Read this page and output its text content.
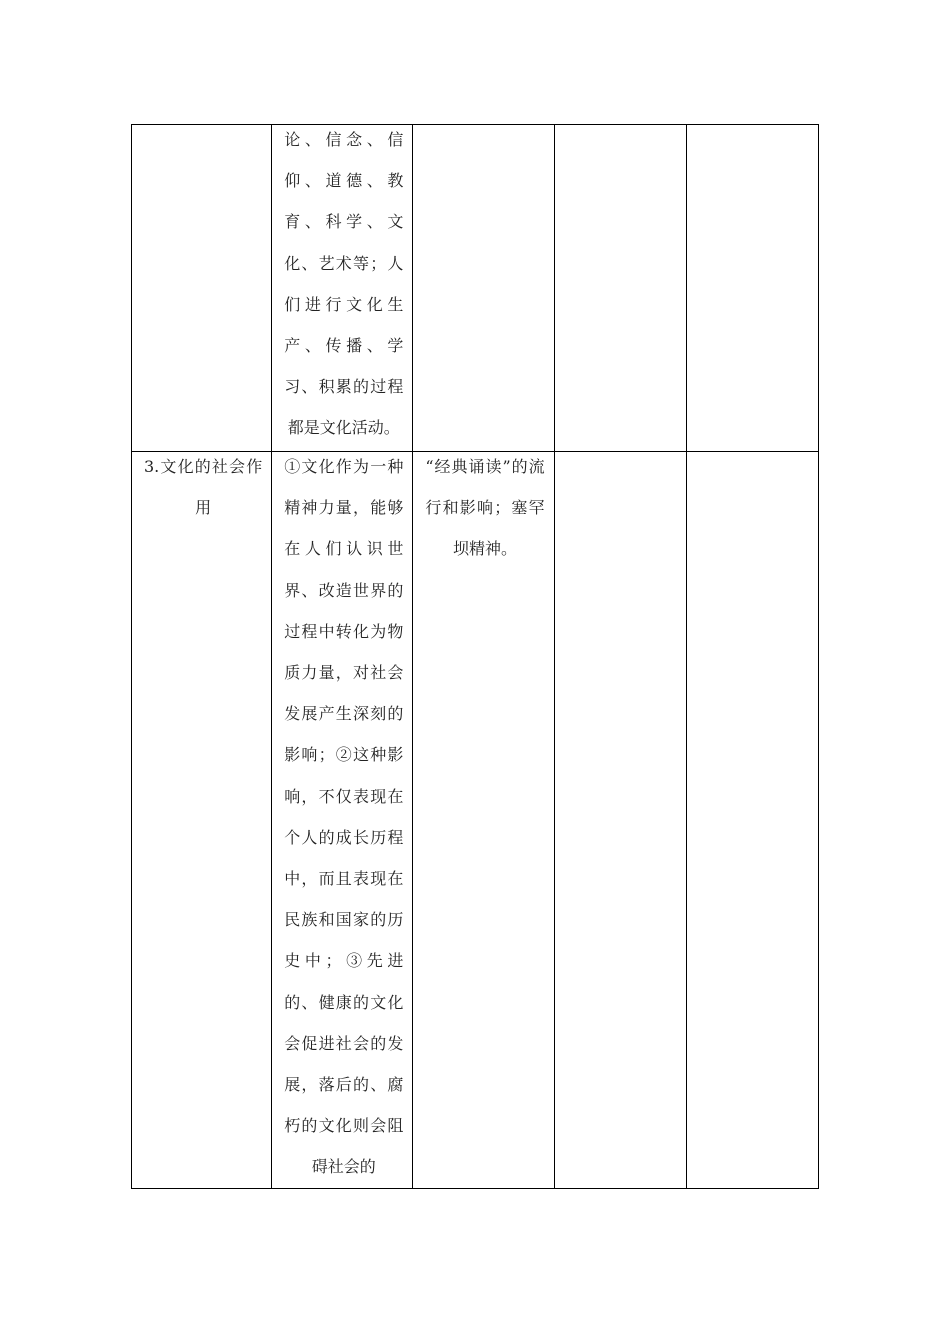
	论、信念、信仰、道德、教育、科学、文化、艺术等；人们进行文化生产、传播、学习、积累的过程都是文化活动。			

3.文化的社会作用	①文化作为一种精神力量，能够在人们认识世界、改造世界的过程中转化为物质力量，对社会发展产生深刻的影响；②这种影响，不仅表现在个人的成长历程中，而且表现在民族和国家的历史中；③先进的、健康的文化会促进社会的发展，落后的、腐朽的文化则会阻碍社会的	“经典诵读”的流行和影响；塞罕坝精神。		
